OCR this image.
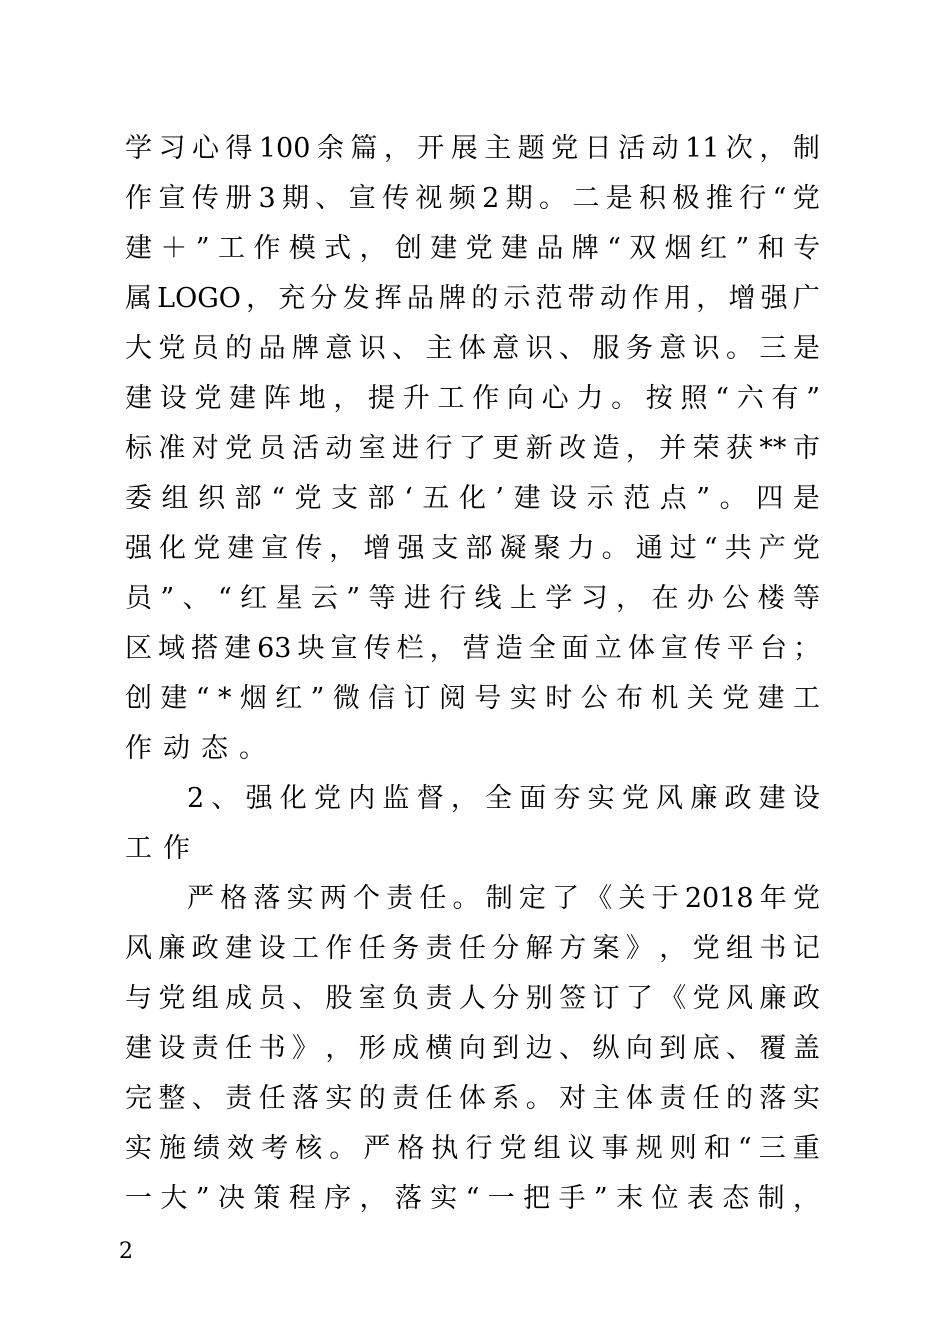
学 习 心 得 100 余 篇 ， 开 展 主 题 党 日 活 动 11 次 ， 制
作 宣 传 册 3 期 、 宣 传 视 频 2 期 。 二 是 积 极 推 行 “ 党
建 ＋ ” 工 作 模 式 ， 创 建 党 建 品 牌 “ 双 烟 红 ” 和 专
属 LOGO ， 充 分 发 挥 品 牌 的 示 范 带 动 作 用 ， 增 强 广
大 党 员 的 品 牌 意 识 、 主 体 意 识 、 服 务 意 识 。 三 是
建 设 党 建 阵 地 ， 提 升 工 作 向 心 力 。 按 照 “ 六 有 ”
标 准 对 党 员 活 动 室 进 行 了 更 新 改 造 ， 并 荣 获 ** 市
委 组 织 部 “ 党 支 部 ‘ 五 化 ’ 建 设 示 范 点 ” 。 四 是
强 化 党 建 宣 传 ， 增 强 支 部 凝 聚 力 。 通 过 “ 共 产 党
员 ” 、 “ 红 星 云 ” 等 进 行 线 上 学 习 ， 在 办 公 楼 等
区 域 搭 建 63 块 宣 传 栏 ， 营 造 全 面 立 体 宣 传 平 台 ；
创 建 “ * 烟 红 ” 微 信 订 阅 号 实 时 公 布 机 关 党 建 工
作 动 态 。
2 、 强 化 党 内 监 督 ， 全 面 夯 实 党 风 廉 政 建 设
工 作
严 格 落 实 两 个 责 任 。 制 定 了 《 关 于 2018 年 党
风 廉 政 建 设 工 作 任 务 责 任 分 解 方 案 》 ， 党 组 书 记
与 党 组 成 员 、 股 室 负 责 人 分 别 签 订 了 《 党 风 廉 政
建 设 责 任 书 》 ， 形 成 横 向 到 边 、 纵 向 到 底 、 覆 盖
完 整 、 责 任 落 实 的 责 任 体 系 。 对 主 体 责 任 的 落 实
实 施 绩 效 考 核 。 严 格 执 行 党 组 议 事 规 则 和 “ 三 重
一 大 ” 决 策 程 序 ， 落 实 “ 一 把 手 ” 末 位 表 态 制 ，
2
